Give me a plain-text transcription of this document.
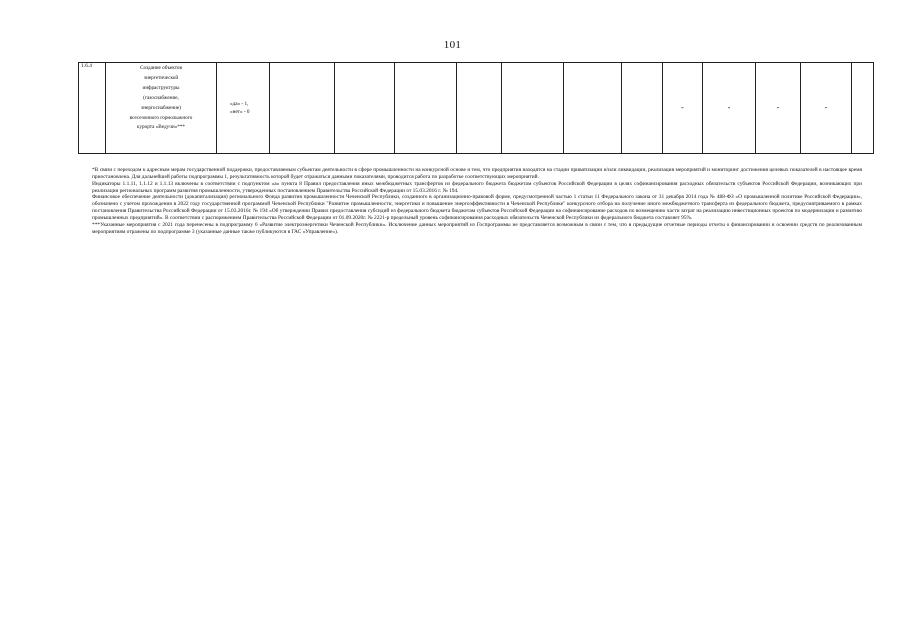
101
1.6.4	Создание объектов
энергетической
инфраструктуры
(газоснабжение,
энергоснабжение)
всесезонного горнолыжного
курорта «Ведучи»***

«да» - 1,
«нет» - 0								-	-	-	-	

*В связи с переходом к адресным мерам государственной поддержки, предоставляемым субъектам деятельности в сфере промышленности на конкурсной основе и тем, что предприятия находятся на стадии приватизации и/или ликвидации, реализация мероприятий и мониторинг достижения целевых показателей в настоящее время приостановлена. Для дальнейшей работы подпрограммы 1, результативность которой будет отражаться данными показателями, проводится работа по разработке соответствующих мероприятий.

Индикаторы 1.1.11, 1.1.12 и 1.1.13 включены в соответствии с подпунктом «а» пункта 8 Правил предоставления иных межбюджетных трансфертов из федерального бюджета бюджетам субъектов Российской Федерации в целях софинансирования расходных обязательств субъектов Российской Федерации, возникающих при реализации региональных программ развития промышленности, утвержденных постановлением Правительства Российской Федерации от 15.03.2016 г. № 194.

Финансовое обеспечение деятельности (докапитализация) регионального Фонда развития промышленности Чеченской Республики, созданного в организационно-правовой форме, предусмотренной частью 1 статьи 11 Федерального закона от 31 декабря 2014 года № 488-ФЗ «О промышленной политике Российской Федерации», обозначено с учетом прохождения в 2022 году государственной программой Чеченской Республики "Развитие промышленности, энергетики и повышение энергоэффективности в Чеченской Республике" конкурсного отбора на получение иного межбюджетного трансферта из федерального бюджета, предусматриваемого в рамках постановления Правительства Российской Федерации от 15.03.2016г. № 194 «Об утверждении Правил предоставления субсидий из федерального бюджета бюджетам субъектов Российской Федерации на софинансирование расходов по возмещению части затрат на реализацию инвестиционных проектов по модернизации и развитию промышленных предприятий». В соответствии с распоряжением Правительства Российской Федерации от 01.09.2020г. № 2221-р предельный уровень софинансирования расходных обязательств Чеченской Республики из федерального бюджета составляет 95%.

***Указанные мероприятия с 2021 года перенесены в подпрограмму 6 «Развитие электроэнергетики Чеченской Республики». Исключение данных мероприятий из Госпрограммы не представляется возможным в связи с тем, что в предыдущие отчетные периоды отчеты о финансировании и освоении средств по реализованным мероприятиям отражены по подпрограмме 3 (указанные данные также публикуются в ГАС «Управление»).
